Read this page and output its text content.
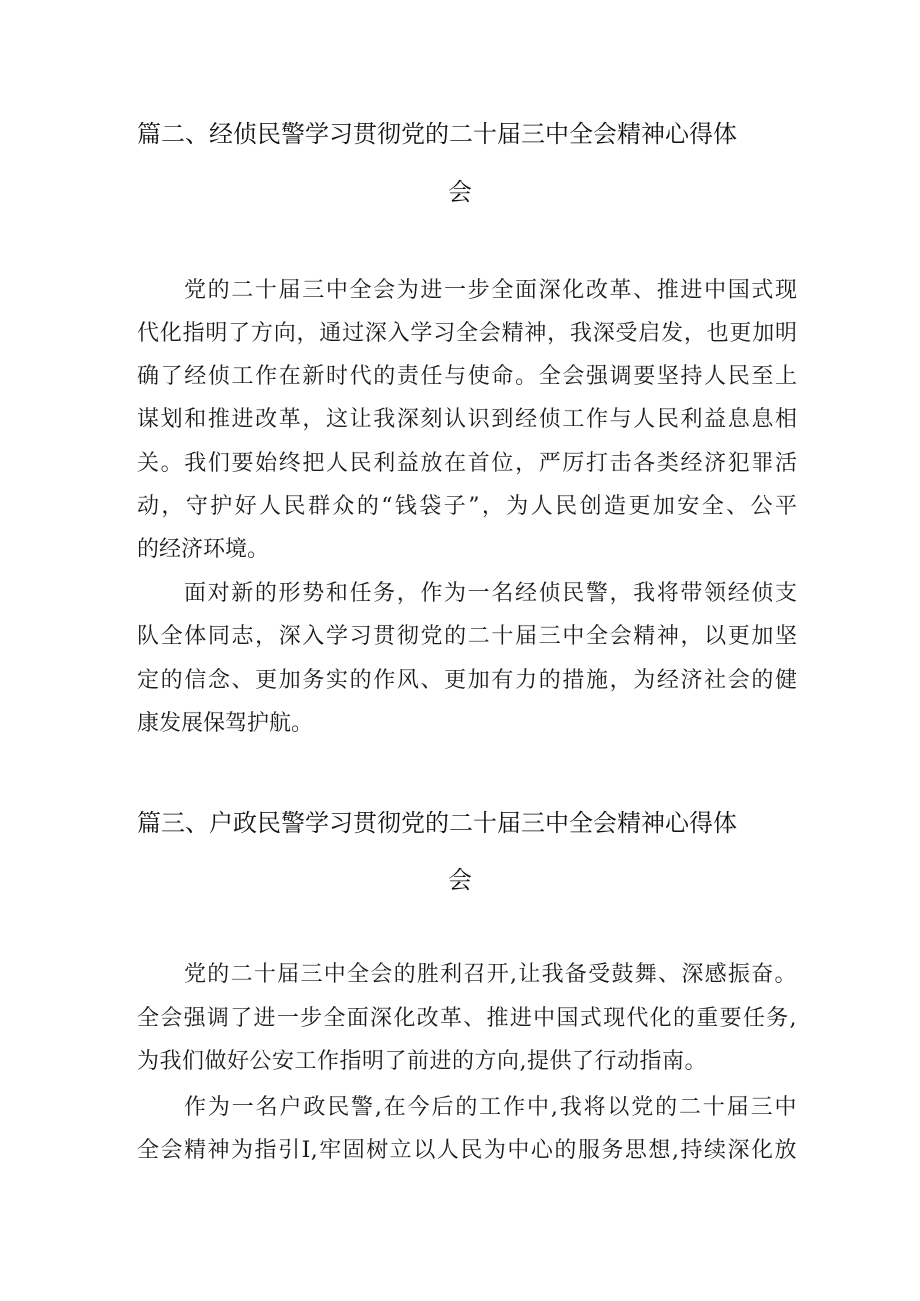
篇二、经侦民警学习贯彻党的二十届三中全会精神心得体
会
党的二十届三中全会为进一步全面深化改革、推进中国式现
代化指明了方向，通过深入学习全会精神，我深受启发，也更加明
确了经侦工作在新时代的责任与使命。全会强调要坚持人民至上
谋划和推进改革，这让我深刻认识到经侦工作与人民利益息息相
关。我们要始终把人民利益放在首位，严厉打击各类经济犯罪活
动，守护好人民群众的“钱袋子”，为人民创造更加安全、公平
的经济环境。
面对新的形势和任务，作为一名经侦民警，我将带领经侦支
队全体同志，深入学习贯彻党的二十届三中全会精神，以更加坚
定的信念、更加务实的作风、更加有力的措施，为经济社会的健
康发展保驾护航。
篇三、户政民警学习贯彻党的二十届三中全会精神心得体
会
党的二十届三中全会的胜利召开,让我备受鼓舞、深感振奋。
全会强调了进一步全面深化改革、推进中国式现代化的重要任务,
为我们做好公安工作指明了前进的方向,提供了行动指南。
作为一名户政民警,在今后的工作中,我将以党的二十届三中
全会精神为指引I,牢固树立以人民为中心的服务思想,持续深化放
